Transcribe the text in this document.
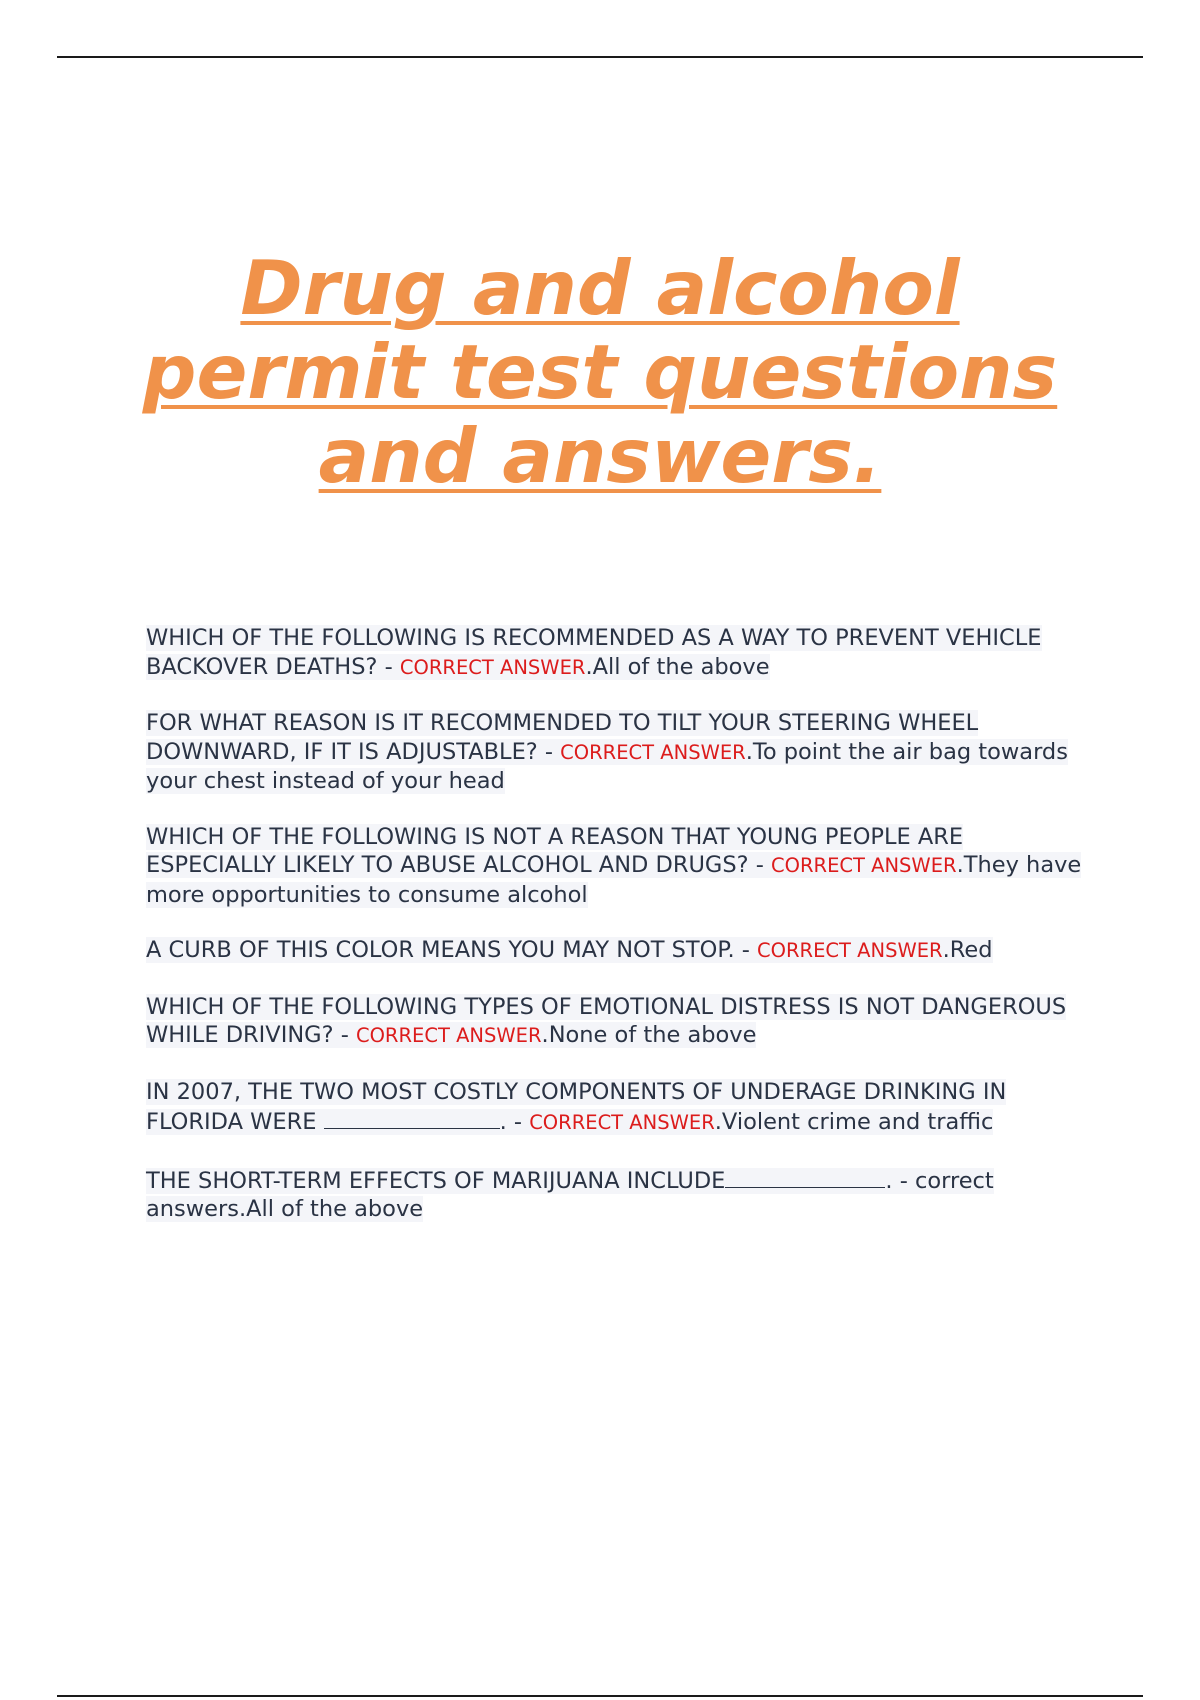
Drug and alcohol permit test questions and answers.

WHICH OF THE FOLLOWING IS RECOMMENDED AS A WAY TO PREVENT VEHICLE BACKOVER DEATHS? - CORRECT ANSWER.All of the above

FOR WHAT REASON IS IT RECOMMENDED TO TILT YOUR STEERING WHEEL DOWNWARD, IF IT IS ADJUSTABLE? - CORRECT ANSWER.To point the air bag towards your chest instead of your head

WHICH OF THE FOLLOWING IS NOT A REASON THAT YOUNG PEOPLE ARE ESPECIALLY LIKELY TO ABUSE ALCOHOL AND DRUGS? - CORRECT ANSWER.They have more opportunities to consume alcohol

A CURB OF THIS COLOR MEANS YOU MAY NOT STOP. - CORRECT ANSWER.Red

WHICH OF THE FOLLOWING TYPES OF EMOTIONAL DISTRESS IS NOT DANGEROUS WHILE DRIVING? - CORRECT ANSWER.None of the above

IN 2007, THE TWO MOST COSTLY COMPONENTS OF UNDERAGE DRINKING IN FLORIDA WERE	. - CORRECT ANSWER.Violent crime and traffic

THE SHORT-TERM EFFECTS OF MARIJUANA INCLUDE	. - correct answers.All of the above
